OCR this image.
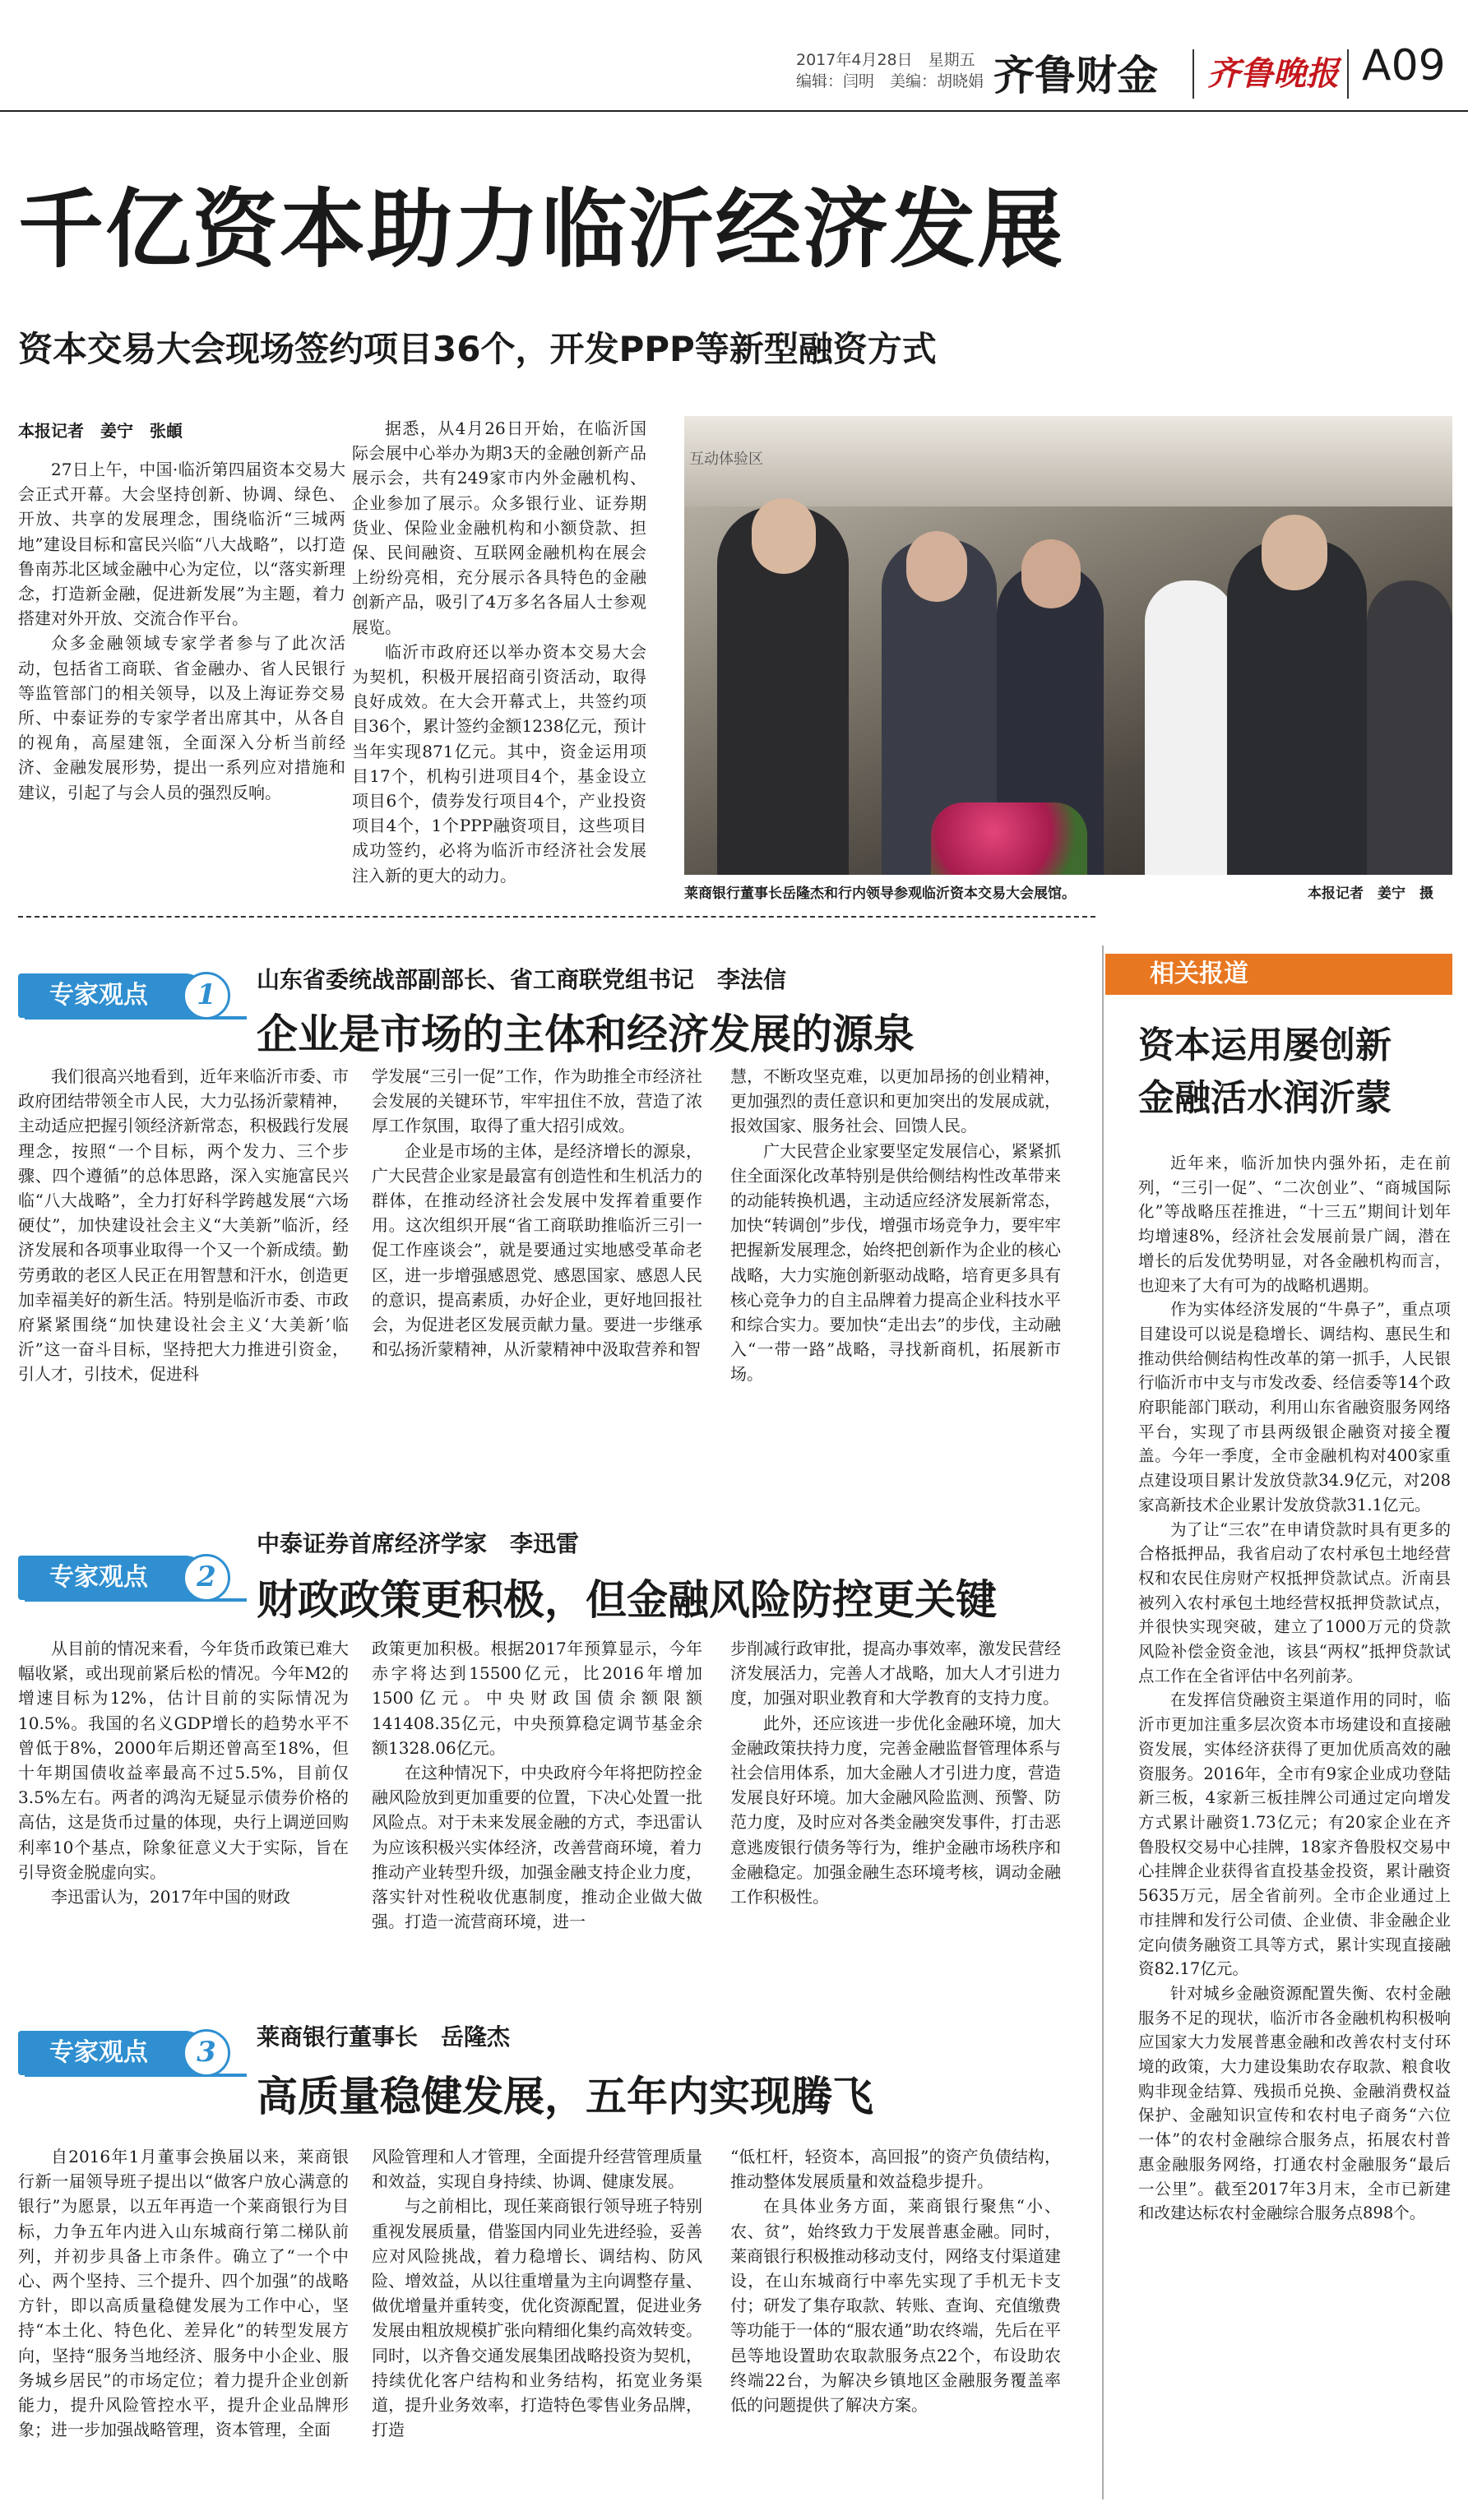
2017年4月28日　星期五
编辑：闫明　美编：胡晓娟 齐鲁财金 齐鲁晚报 A09
千亿资本助力临沂经济发展
资本交易大会现场签约项目36个，开发PPP等新型融资方式
本报记者　姜宁　张頔

27日上午，中国·临沂第四届资本交易大会正式开幕。大会坚持创新、协调、绿色、开放、共享的发展理念，围绕临沂“三城两地”建设目标和富民兴临“八大战略”，以打造鲁南苏北区域金融中心为定位，以“落实新理念，打造新金融，促进新发展”为主题，着力搭建对外开放、交流合作平台。

众多金融领域专家学者参与了此次活动，包括省工商联、省金融办、省人民银行等监管部门的相关领导，以及上海证券交易所、中泰证券的专家学者出席其中，从各自的视角，高屋建瓴，全面深入分析当前经济、金融发展形势，提出一系列应对措施和建议，引起了与会人员的强烈反响。

据悉，从4月26日开始，在临沂国际会展中心举办为期3天的金融创新产品展示会，共有249家市内外金融机构、企业参加了展示。众多银行业、证券期货业、保险业金融机构和小额贷款、担保、民间融资、互联网金融机构在展会上纷纷亮相，充分展示各具特色的金融创新产品，吸引了4万多名各届人士参观展览。

临沂市政府还以举办资本交易大会为契机，积极开展招商引资活动，取得良好成效。在大会开幕式上，共签约项目36个，累计签约金额1238亿元，预计当年实现871亿元。其中，资金运用项目17个，机构引进项目4个，基金设立项目6个，债券发行项目4个，产业投资项目4个，1个PPP融资项目，这些项目成功签约，必将为临沂市经济社会发展注入新的更大的动力。

互动体验区
莱商银行董事长岳隆杰和行内领导参观临沂资本交易大会展馆。	本报记者　姜宁　摄
专家观点	1	山东省委统战部副部长、省工商联党组书记　李法信
企业是市场的主体和经济发展的源泉

我们很高兴地看到，近年来临沂市委、市政府团结带领全市人民，大力弘扬沂蒙精神，主动适应把握引领经济新常态，积极践行发展理念，按照“一个目标，两个发力、三个步骤、四个遵循”的总体思路，深入实施富民兴临“八大战略”，全力打好科学跨越发展“六场硬仗”，加快建设社会主义“大美新”临沂，经济发展和各项事业取得一个又一个新成绩。勤劳勇敢的老区人民正在用智慧和汗水，创造更加幸福美好的新生活。特别是临沂市委、市政府紧紧围绕“加快建设社会主义‘大美新’临沂”这一奋斗目标，坚持把大力推进引资金，引人才，引技术，促进科

学发展“三引一促”工作，作为助推全市经济社会发展的关键环节，牢牢扭住不放，营造了浓厚工作氛围，取得了重大招引成效。

企业是市场的主体，是经济增长的源泉，广大民营企业家是最富有创造性和生机活力的群体，在推动经济社会发展中发挥着重要作用。这次组织开展“省工商联助推临沂三引一促工作座谈会”，就是要通过实地感受革命老区，进一步增强感恩党、感恩国家、感恩人民的意识，提高素质，办好企业，更好地回报社会，为促进老区发展贡献力量。要进一步继承和弘扬沂蒙精神，从沂蒙精神中汲取营养和智

慧，不断攻坚克难，以更加昂扬的创业精神，更加强烈的责任意识和更加突出的发展成就，报效国家、服务社会、回馈人民。

广大民营企业家要坚定发展信心，紧紧抓住全面深化改革特别是供给侧结构性改革带来的动能转换机遇，主动适应经济发展新常态，加快“转调创”步伐，增强市场竞争力，要牢牢把握新发展理念，始终把创新作为企业的核心战略，大力实施创新驱动战略，培育更多具有核心竞争力的自主品牌着力提高企业科技水平和综合实力。要加快“走出去”的步伐，主动融入“一带一路”战略，寻找新商机，拓展新市场。

专家观点	2
中泰证券首席经济学家　李迅雷
财政政策更积极，但金融风险防控更关键

从目前的情况来看，今年货币政策已难大幅收紧，或出现前紧后松的情况。今年M2的增速目标为12%，估计目前的实际情况为10.5%。我国的名义GDP增长的趋势水平不曾低于8%，2000年后期还曾高至18%，但十年期国债收益率最高不过5.5%，目前仅3.5%左右。两者的鸿沟无疑显示债券价格的高估，这是货币过量的体现，央行上调逆回购利率10个基点，除象征意义大于实际，旨在引导资金脱虚向实。

李迅雷认为，2017年中国的财政

政策更加积极。根据2017年预算显示，今年赤字将达到15500亿元，比2016年增加1500亿元。中央财政国债余额限额141408.35亿元，中央预算稳定调节基金余额1328.06亿元。

在这种情况下，中央政府今年将把防控金融风险放到更加重要的位置，下决心处置一批风险点。对于未来发展金融的方式，李迅雷认为应该积极兴实体经济，改善营商环境，着力推动产业转型升级，加强金融支持企业力度，落实针对性税收优惠制度，推动企业做大做强。打造一流营商环境，进一

步削减行政审批，提高办事效率，激发民营经济发展活力，完善人才战略，加大人才引进力度，加强对职业教育和大学教育的支持力度。

此外，还应该进一步优化金融环境，加大金融政策扶持力度，完善金融监督管理体系与社会信用体系，加大金融人才引进力度，营造发展良好环境。加大金融风险监测、预警、防范力度，及时应对各类金融突发事件，打击恶意逃废银行债务等行为，维护金融市场秩序和金融稳定。加强金融生态环境考核，调动金融工作积极性。

专家观点	3	莱商银行董事长　岳隆杰
高质量稳健发展，五年内实现腾飞

自2016年1月董事会换届以来，莱商银行新一届领导班子提出以“做客户放心满意的银行”为愿景，以五年再造一个莱商银行为目标，力争五年内进入山东城商行第二梯队前列，并初步具备上市条件。确立了“一个中心、两个坚持、三个提升、四个加强”的战略方针，即以高质量稳健发展为工作中心，坚持“本土化、特色化、差异化”的转型发展方向，坚持“服务当地经济、服务中小企业、服务城乡居民”的市场定位；着力提升企业创新能力，提升风险管控水平，提升企业品牌形象；进一步加强战略管理，资本管理，全面

风险管理和人才管理，全面提升经营管理质量和效益，实现自身持续、协调、健康发展。

与之前相比，现任莱商银行领导班子特别重视发展质量，借鉴国内同业先进经验，妥善应对风险挑战，着力稳增长、调结构、防风险、增效益，从以往重增量为主向调整存量、做优增量并重转变，优化资源配置，促进业务发展由粗放规模扩张向精细化集约高效转变。同时，以齐鲁交通发展集团战略投资为契机，持续优化客户结构和业务结构，拓宽业务渠道，提升业务效率，打造特色零售业务品牌，打造

“低杠杆，轻资本，高回报”的资产负债结构，推动整体发展质量和效益稳步提升。

在具体业务方面，莱商银行聚焦“小、农、贫”，始终致力于发展普惠金融。同时，莱商银行积极推动移动支付，网络支付渠道建设，在山东城商行中率先实现了手机无卡支付；研发了集存取款、转账、查询、充值缴费等功能于一体的“服农通”助农终端，先后在平邑等地设置助农取款服务点22个，布设助农终端22台，为解决乡镇地区金融服务覆盖率低的问题提供了解决方案。

相关报道
资本运用屡创新
金融活水润沂蒙

近年来，临沂加快内强外拓，走在前列，“三引一促”、“二次创业”、“商城国际化”等战略压茬推进，“十三五”期间计划年均增速8%，经济社会发展前景广阔，潜在增长的后发优势明显，对各金融机构而言，也迎来了大有可为的战略机遇期。

作为实体经济发展的“牛鼻子”，重点项目建设可以说是稳增长、调结构、惠民生和推动供给侧结构性改革的第一抓手，人民银行临沂市中支与市发改委、经信委等14个政府职能部门联动，利用山东省融资服务网络平台，实现了市县两级银企融资对接全覆盖。今年一季度，全市金融机构对400家重点建设项目累计发放贷款34.9亿元，对208家高新技术企业累计发放贷款31.1亿元。

为了让“三农”在申请贷款时具有更多的合格抵押品，我省启动了农村承包土地经营权和农民住房财产权抵押贷款试点。沂南县被列入农村承包土地经营权抵押贷款试点，并很快实现突破，建立了1000万元的贷款风险补偿金资金池，该县“两权”抵押贷款试点工作在全省评估中名列前茅。

在发挥信贷融资主渠道作用的同时，临沂市更加注重多层次资本市场建设和直接融资发展，实体经济获得了更加优质高效的融资服务。2016年，全市有9家企业成功登陆新三板，4家新三板挂牌公司通过定向增发方式累计融资1.73亿元；有20家企业在齐鲁股权交易中心挂牌，18家齐鲁股权交易中心挂牌企业获得省直投基金投资，累计融资5635万元，居全省前列。全市企业通过上市挂牌和发行公司债、企业债、非金融企业定向债务融资工具等方式，累计实现直接融资82.17亿元。

针对城乡金融资源配置失衡、农村金融服务不足的现状，临沂市各金融机构积极响应国家大力发展普惠金融和改善农村支付环境的政策，大力建设集助农存取款、粮食收购非现金结算、残损币兑换、金融消费权益保护、金融知识宣传和农村电子商务“六位一体”的农村金融综合服务点，拓展农村普惠金融服务网络，打通农村金融服务“最后一公里”。截至2017年3月末，全市已新建和改建达标农村金融综合服务点898个。
